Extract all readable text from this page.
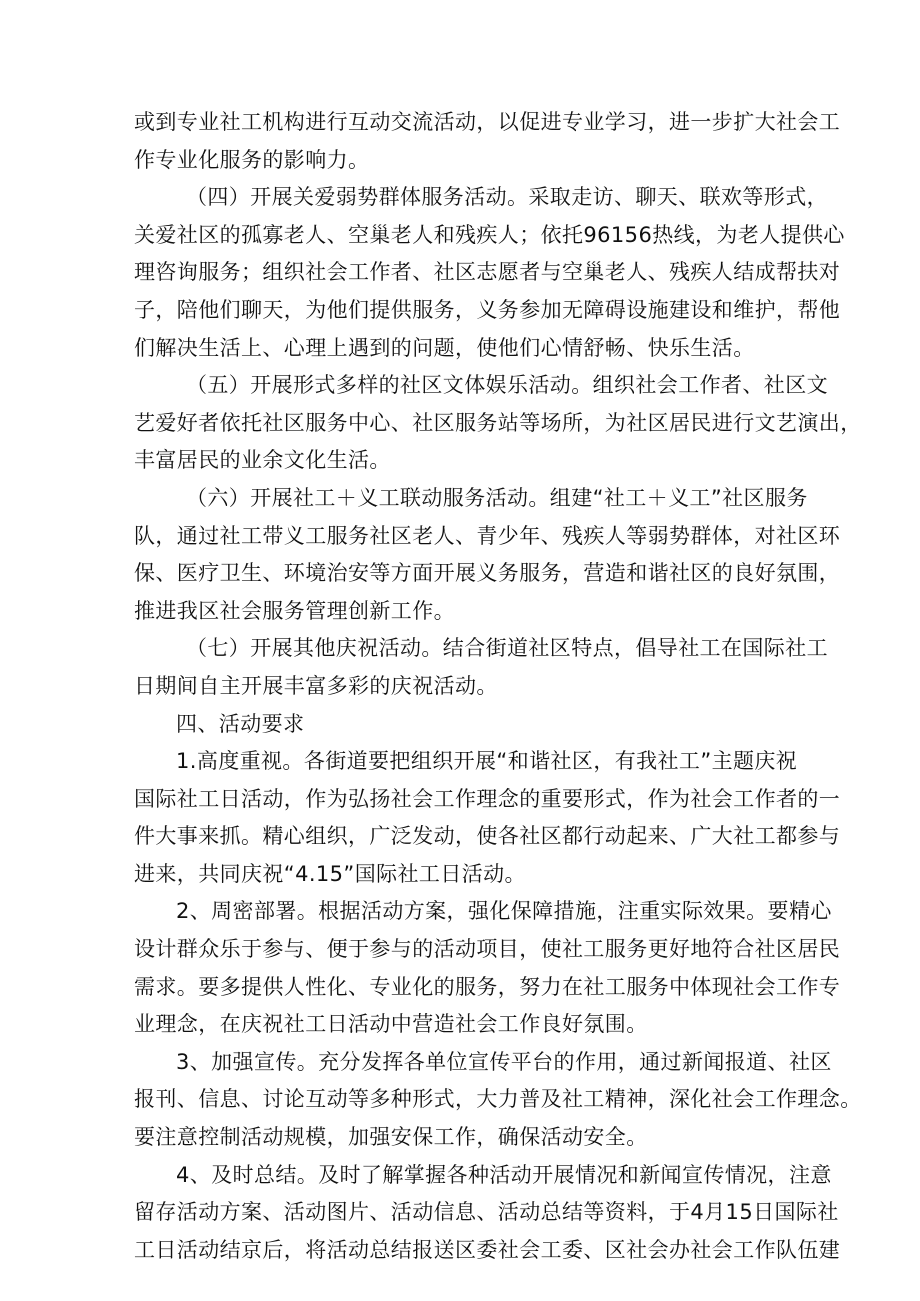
或到专业社工机构进行互动交流活动，以促进专业学习，进一步扩大社会工
作专业化服务的影响力。

（四）开展关爱弱势群体服务活动。采取走访、聊天、联欢等形式，
关爱社区的孤寡老人、空巢老人和残疾人；依托96156热线，为老人提供心
理咨询服务；组织社会工作者、社区志愿者与空巢老人、残疾人结成帮扶对
子，陪他们聊天，为他们提供服务，义务参加无障碍设施建设和维护，帮他
们解决生活上、心理上遇到的问题，使他们心情舒畅、快乐生活。

（五）开展形式多样的社区文体娱乐活动。组织社会工作者、社区文
艺爱好者依托社区服务中心、社区服务站等场所，为社区居民进行文艺演出，
丰富居民的业余文化生活。

（六）开展社工＋义工联动服务活动。组建“社工＋义工”社区服务
队，通过社工带义工服务社区老人、青少年、残疾人等弱势群体，对社区环
保、医疗卫生、环境治安等方面开展义务服务，营造和谐社区的良好氛围，
推进我区社会服务管理创新工作。

（七）开展其他庆祝活动。结合街道社区特点，倡导社工在国际社工
日期间自主开展丰富多彩的庆祝活动。

四、活动要求

1.高度重视。各街道要把组织开展“和谐社区，有我社工”主题庆祝
国际社工日活动，作为弘扬社会工作理念的重要形式，作为社会工作者的一
件大事来抓。精心组织，广泛发动，使各社区都行动起来、广大社工都参与
进来，共同庆祝“4.15”国际社工日活动。

2、周密部署。根据活动方案，强化保障措施，注重实际效果。要精心
设计群众乐于参与、便于参与的活动项目，使社工服务更好地符合社区居民
需求。要多提供人性化、专业化的服务，努力在社工服务中体现社会工作专
业理念，在庆祝社工日活动中营造社会工作良好氛围。

3、加强宣传。充分发挥各单位宣传平台的作用，通过新闻报道、社区
报刊、信息、讨论互动等多种形式，大力普及社工精神，深化社会工作理念。
要注意控制活动规模，加强安保工作，确保活动安全。

4、及时总结。及时了解掌握各种活动开展情况和新闻宣传情况，注意
留存活动方案、活动图片、活动信息、活动总结等资料，于4月15日国际社
工日活动结京后，将活动总结报送区委社会工委、区社会办社会工作队伍建
